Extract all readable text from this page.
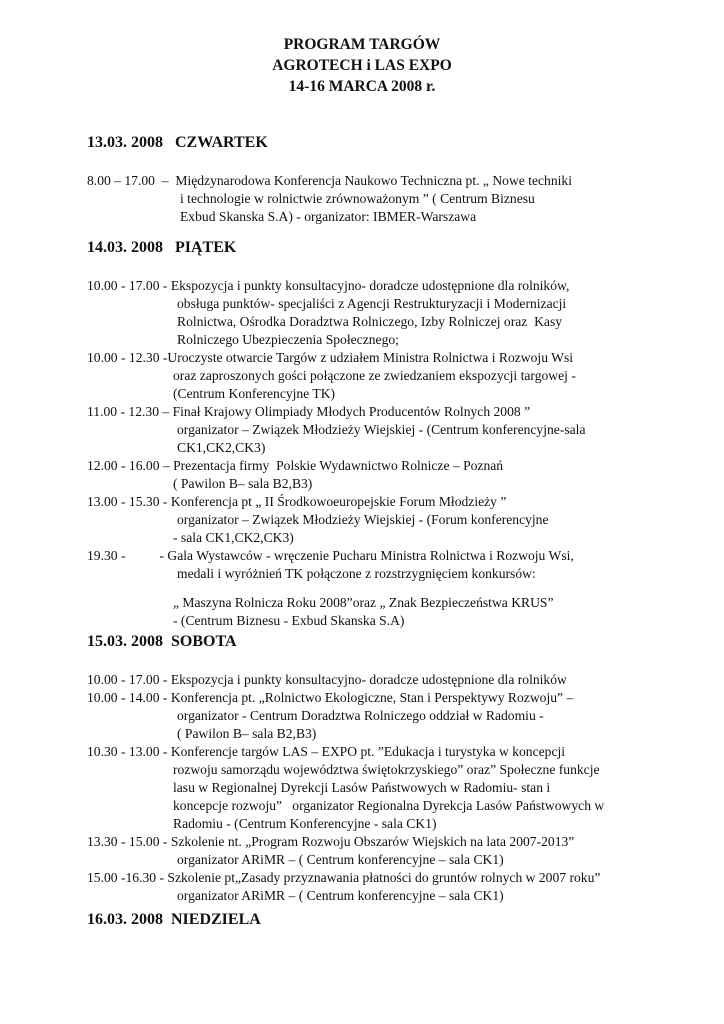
PROGRAM TARGÓW
AGROTECH i LAS EXPO
14-16 MARCA 2008 r.
13.03. 2008   CZWARTEK
8.00 – 17.00  –  Międzynarodowa Konferencja Naukowo Techniczna pt. „ Nowe techniki
i technologie w rolnictwie zrównoważonym ” ( Centrum Biznesu
Exbud Skanska S.A) - organizator: IBMER-Warszawa
14.03. 2008   PIĄTEK
10.00 - 17.00 - Ekspozycja i punkty konsultacyjno- doradcze udostępnione dla rolników,
obsługa punktów- specjaliści z Agencji Restrukturyzacji i Modernizacji
Rolnictwa, Ośrodka Doradztwa Rolniczego, Izby Rolniczej oraz  Kasy
Rolniczego Ubezpieczenia Społecznego;
10.00 - 12.30 -Uroczyste otwarcie Targów z udziałem Ministra Rolnictwa i Rozwoju Wsi
oraz zaproszonych gości połączone ze zwiedzaniem ekspozycji targowej -
(Centrum Konferencyjne TK)
11.00 - 12.30 – Finał Krajowy Olimpiady Młodych Producentów Rolnych 2008 ”
organizator – Związek Młodzieży Wiejskiej - (Centrum konferencyjne-sala
CK1,CK2,CK3)
12.00 - 16.00 – Prezentacja firmy  Polskie Wydawnictwo Rolnicze – Poznań
( Pawilon B– sala B2,B3)
13.00 - 15.30 - Konferencja pt „ II Środkowoeuropejskie Forum Młodzieży ”
organizator – Związek Młodzieży Wiejskiej - (Forum konferencyjne
- sala CK1,CK2,CK3)
19.30 -          - Gala Wystawców - wręczenie Pucharu Ministra Rolnictwa i Rozwoju Wsi,
medali i wyróżnień TK połączone z rozstrzygnięciem konkursów:
„ Maszyna Rolnicza Roku 2008”oraz „ Znak Bezpieczeństwa KRUS”
- (Centrum Biznesu - Exbud Skanska S.A)
15.03. 2008  SOBOTA
10.00 - 17.00 - Ekspozycja i punkty konsultacyjno- doradcze udostępnione dla rolników
10.00 - 14.00 - Konferencja pt. „Rolnictwo Ekologiczne, Stan i Perspektywy Rozwoju” –
organizator - Centrum Doradztwa Rolniczego oddział w Radomiu -
( Pawilon B– sala B2,B3)
10.30 - 13.00 - Konferencje targów LAS – EXPO pt. ”Edukacja i turystyka w koncepcji
rozwoju samorządu województwa świętokrzyskiego” oraz” Społeczne funkcje
lasu w Regionalnej Dyrekcji Lasów Państwowych w Radomiu- stan i
koncepcje rozwoju”   organizator Regionalna Dyrekcja Lasów Państwowych w
Radomiu - (Centrum Konferencyjne - sala CK1)
13.30 - 15.00 - Szkolenie nt. „Program Rozwoju Obszarów Wiejskich na lata 2007-2013”
organizator ARiMR – ( Centrum konferencyjne – sala CK1)
15.00 -16.30 - Szkolenie pt„Zasady przyznawania płatności do gruntów rolnych w 2007 roku”
organizator ARiMR – ( Centrum konferencyjne – sala CK1)
16.03. 2008  NIEDZIELA
